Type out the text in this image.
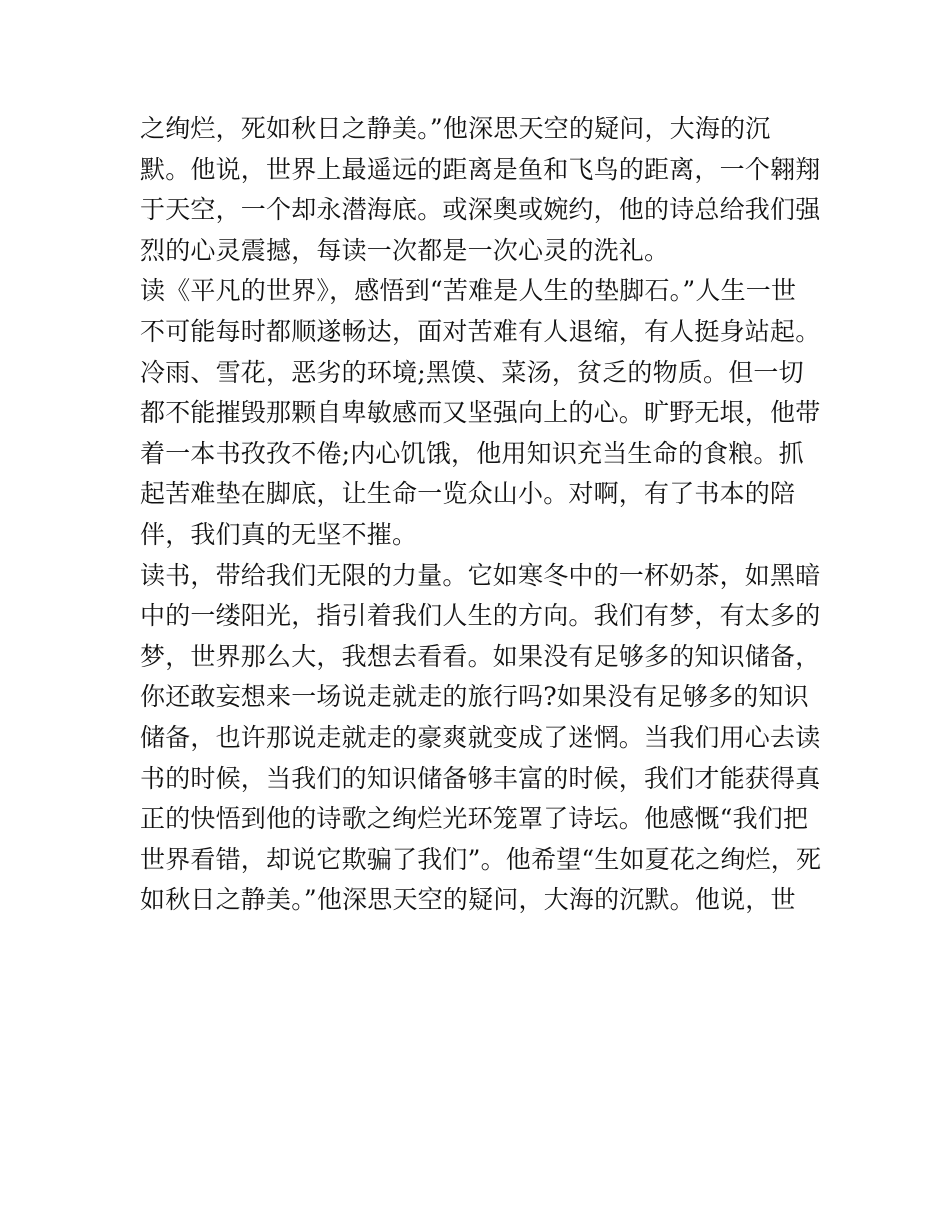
之绚烂，死如秋日之静美。”他深思天空的疑问，大海的沉
默。他说，世界上最遥远的距离是鱼和飞鸟的距离，一个翱翔
于天空，一个却永潜海底。或深奥或婉约，他的诗总给我们强
烈的心灵震撼，每读一次都是一次心灵的洗礼。
读《平凡的世界》，感悟到“苦难是人生的垫脚石。”人生一世
不可能每时都顺遂畅达，面对苦难有人退缩，有人挺身站起。
冷雨、雪花，恶劣的环境;黑馍、菜汤，贫乏的物质。但一切
都不能摧毁那颗自卑敏感而又坚强向上的心。旷野无垠，他带
着一本书孜孜不倦;内心饥饿，他用知识充当生命的食粮。抓
起苦难垫在脚底，让生命一览众山小。对啊，有了书本的陪
伴，我们真的无坚不摧。
读书，带给我们无限的力量。它如寒冬中的一杯奶茶，如黑暗
中的一缕阳光，指引着我们人生的方向。我们有梦，有太多的
梦，世界那么大，我想去看看。如果没有足够多的知识储备，
你还敢妄想来一场说走就走的旅行吗?如果没有足够多的知识
储备，也许那说走就走的豪爽就变成了迷惘。当我们用心去读
书的时候，当我们的知识储备够丰富的时候，我们才能获得真
正的快悟到他的诗歌之绚烂光环笼罩了诗坛。他感慨“我们把
世界看错，却说它欺骗了我们”。他希望“生如夏花之绚烂，死
如秋日之静美。”他深思天空的疑问，大海的沉默。他说，世
